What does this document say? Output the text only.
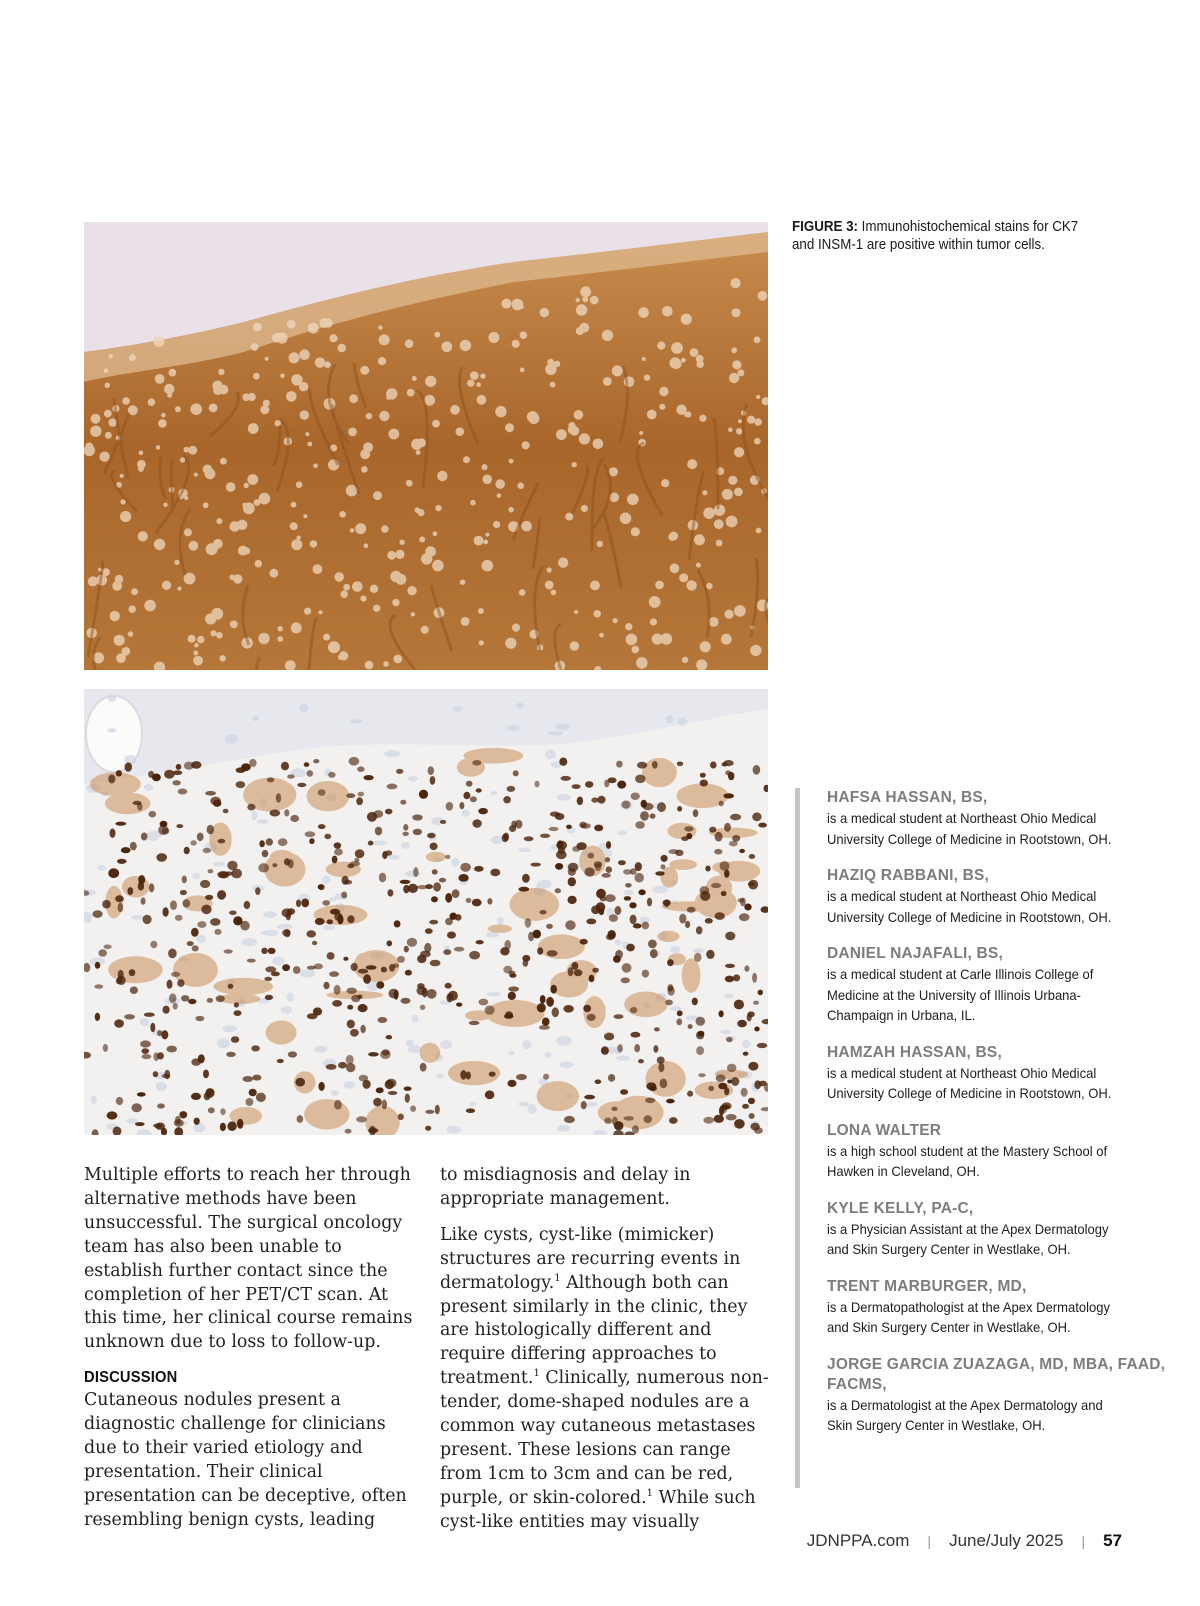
FIGURE 3: Immunohistochemical stains for CK7 and INSM-1 are positive within tumor cells.
HAFSA HASSAN, BS,
is a medical student at Northeast Ohio Medical University College of Medicine in Rootstown, OH.
HAZIQ RABBANI, BS,
is a medical student at Northeast Ohio Medical University College of Medicine in Rootstown, OH.
DANIEL NAJAFALI, BS,
is a medical student at Carle Illinois College of Medicine at the University of Illinois Urbana-Champaign in Urbana, IL.
HAMZAH HASSAN, BS,
is a medical student at Northeast Ohio Medical University College of Medicine in Rootstown, OH.
LONA WALTER
is a high school student at the Mastery School of Hawken in Cleveland, OH.
KYLE KELLY, PA-C,
is a Physician Assistant at the Apex Dermatology and Skin Surgery Center in Westlake, OH.
TRENT MARBURGER, MD,
is a Dermatopathologist at the Apex Dermatology and Skin Surgery Center in Westlake, OH.
JORGE GARCIA ZUAZAGA, MD, MBA, FAAD, FACMS,
is a Dermatologist at the Apex Dermatology and Skin Surgery Center in Westlake, OH.

Multiple efforts to reach her through alternative methods have been unsuccessful. The surgical oncology team has also been unable to establish further contact since the completion of her PET/CT scan. At this time, her clinical course remains unknown due to loss to follow-up.

DISCUSSION

Cutaneous nodules present a diagnostic challenge for clinicians due to their varied etiology and presentation. Their clinical presentation can be deceptive, often resembling benign cysts, leading

to misdiagnosis and delay in appropriate management.

Like cysts, cyst-like (mimicker) structures are recurring events in dermatology.$^1$ Although both can present similarly in the clinic, they are histologically different and require differing approaches to treatment.$^1$ Clinically, numerous non-tender, dome-shaped nodules are a common way cutaneous metastases present. These lesions can range from 1cm to 3cm and can be red, purple, or skin-colored.$^1$ While such cyst-like entities may visually

JDNPPA.com | June/July 2025 | 57
